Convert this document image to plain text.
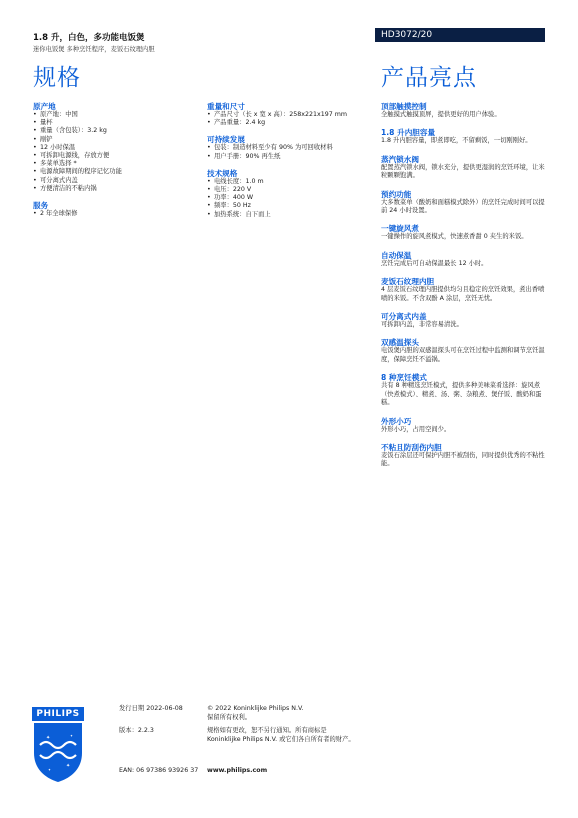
1.8 升，白色，多功能电饭煲
迷你电饭煲 多种烹饪程序，麦饭石纹理内胆
HD3072/20
规格	产品亮点
原产地
• 原产地：中国
• 量杯
• 重量（含包装）：3.2 kg
• 剐铲
• 12 小时保温
• 可拆卸电源线，存放方便
• 多菜单选择 *
• 电源故障期间的程序记忆功能
• 可分离式内盖
• 方便清洁的不粘内锅
服务
• 2 年全球保修
重量和尺寸
• 产品尺寸（长 x 宽 x 高）：258x221x197 mm
• 产品重量：2.4 kg
可持续发展
• 包装：制造材料至少有 90% 为可回收材料
• 用户手册：90% 再生纸
技术规格
• 电线长度：1.0 m
• 电压：220 V
• 功率：400 W
• 频率：50 Hz
• 加热系统：自下而上
顶部触摸控制
全触摸式触摸顶屏，提供更好的用户体验。
1.8 升内胆容量
1.8 升内胆容量，即煮即吃，不留剩饭，一切刚刚好。
蒸汽锁水阀
配置蒸汽锁水阀，锁水充分，提供更湿润的烹饪环境，让米粒颗颗饱满。
预约功能
大多数菜单（酸奶和面糕模式除外）的烹饪完成时间可以提前 24 小时设置。
一键旋风煮
一键操作的旋风煮模式，快速煮香甜 0 夹生的米饭。
自动保温
烹饪完成后可自动保温最长 12 小时。
麦饭石纹理内胆
4 层麦饭石纹理内胆提供均匀且稳定的烹饪效果，煮出香喷喷的米饭。不含双酚 A 涂层，烹饪无忧。
可分离式内盖
可拆卸内盖，非常容易清洗。
双感温探头
电饭煲内胆的双感温探头可在烹饪过程中监测和调节烹饪温度，保障烹饪不溢锅。
8 种烹饪模式
共有 8 种精选烹饪模式，提供多种美味菜肴选择：旋风煮（快煮模式）、精煮、汤、粥、杂粮煮、煲仔饭、酸奶和蛋糕。
外形小巧
外形小巧，占用空间少。
不粘且防刮伤内胆
麦饭石涂层还可保护内胆不被刮伤，同时提供优秀的不粘性能。
✦
✦
✦
✦
PHILIPS
发行日期 2022-06-08
版本：2.2.3
EAN: 06 97386 93926 37
© 2022 Koninklijke Philips N.V.
保留所有权利。
规格如有更改，恕不另行通知。所有商标是
Koninklijke Philips N.V. 或它们各自所有者的财产。
www.philips.com
